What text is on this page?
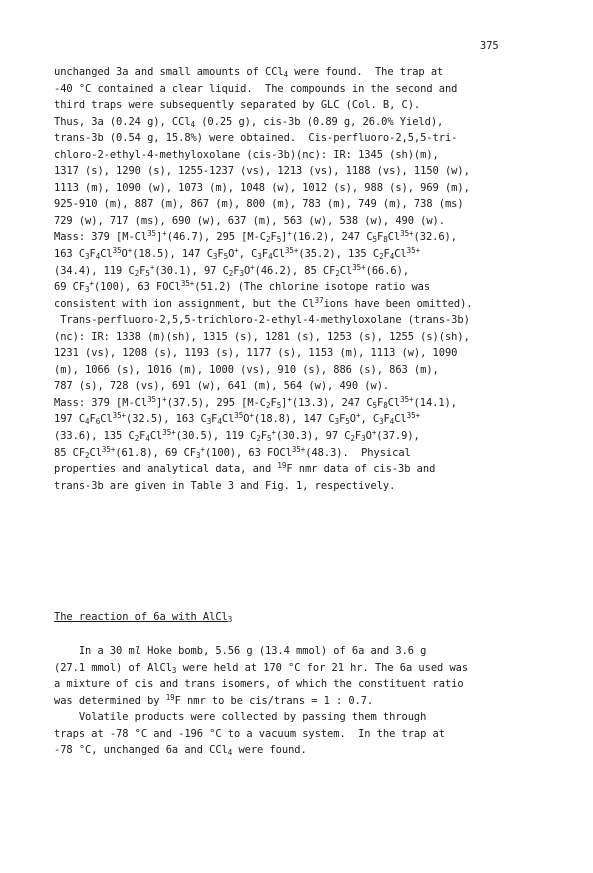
375
unchanged 3a and small amounts of CCl$_4$ were found.  The trap at
-40 °C contained a clear liquid.  The compounds in the second and
third traps were subsequently separated by GLC (Col. B, C).
Thus, 3a (0.24 g), CCl$_4$ (0.25 g), cis-3b (0.89 g, 26.0% Yield),
trans-3b (0.54 g, 15.8%) were obtained.  Cis-perfluoro-2,5,5-tri-
chloro-2-ethyl-4-methyloxolane (cis-3b)(nc): IR: 1345 (sh)(m),
1317 (s), 1290 (s), 1255-1237 (vs), 1213 (vs), 1188 (vs), 1150 (w),
1113 (m), 1090 (w), 1073 (m), 1048 (w), 1012 (s), 988 (s), 969 (m),
925-910 (m), 887 (m), 867 (m), 800 (m), 783 (m), 749 (m), 738 (ms)
729 (w), 717 (ms), 690 (w), 637 (m), 563 (w), 538 (w), 490 (w).
Mass: 379 [M-Cl$^{35}$]+(46.7), 295 $[M-C_2F_5]^+(16.2)$, 247 $C_5F_8Cl^{35+}(32.6)$,
163 $C_3F_4Cl^{35}O^+(18.5)$, 147 $C_3F_5O^+$, $C_3F_4Cl^{35+}(35.2)$, 135 $C_2F_4Cl^{35+}$
(34.4), 119 $C_2F_5^+(30.1)$, 97 $C_2F_3O^+(46.2)$, 85 $CF_2Cl^{35+}(66.6)$,
69 $CF_3^+(100)$, 63 FOCl$^{35+}$(51.2) (The chlorine isotope ratio was
consistent with ion assignment, but the Cl$^{37}$ions have been omitted).
Trans-perfluoro-2,5,5-trichloro-2-ethyl-4-methyloxolane (trans-3b)
(nc): IR: 1338 (m)(sh), 1315 (s), 1281 (s), 1253 (s), 1255 (s)(sh),
1231 (vs), 1208 (s), 1193 (s), 1177 (s), 1153 (m), 1113 (w), 1090
(m), 1066 (s), 1016 (m), 1000 (vs), 910 (s), 886 (s), 863 (m),
787 (s), 728 (vs), 691 (w), 641 (m), 564 (w), 490 (w).
Mass: 379 [M-Cl$^{35}$]+(37.5), 295 $[M-C_2F_5]^+(13.3)$, 247 $C_5F_8Cl^{35+}(14.1)$,
197 $C_4F_6Cl^{35+}(32.5)$, 163 $C_3F_4Cl^{35}O^+(18.8)$, 147 $C_3F_5O^+$, $C_3F_4Cl^{35+}$
(33.6), 135 $C_2F_4Cl^{35+}(30.5)$, 119 $C_2F_5^+(30.3)$, 97 $C_2F_3O^+(37.9)$,
85 $CF_2Cl^{35+}(61.8)$, 69 $CF_3^+(100)$, 63 FOCl$^{35+}$(48.3).  Physical
properties and analytical data, and $^{19}$F nmr data of cis-3b and
trans-3b are given in Table 3 and Fig. 1, respectively.
The reaction of 6a with AlCl$_3$
In a 30 ml Hoke bomb, 5.56 g (13.4 mmol) of 6a and 3.6 g
(27.1 mmol) of AlCl$_3$ were held at 170 °C for 21 hr. The 6a used was
a mixture of cis and trans isomers, of which the constituent ratio
was determined by $^{19}$F nmr to be cis/trans = 1 : 0.7.
Volatile products were collected by passing them through
traps at -78 °C and -196 °C to a vacuum system.  In the trap at
-78 °C, unchanged 6a and CCl$_4$ were found.
